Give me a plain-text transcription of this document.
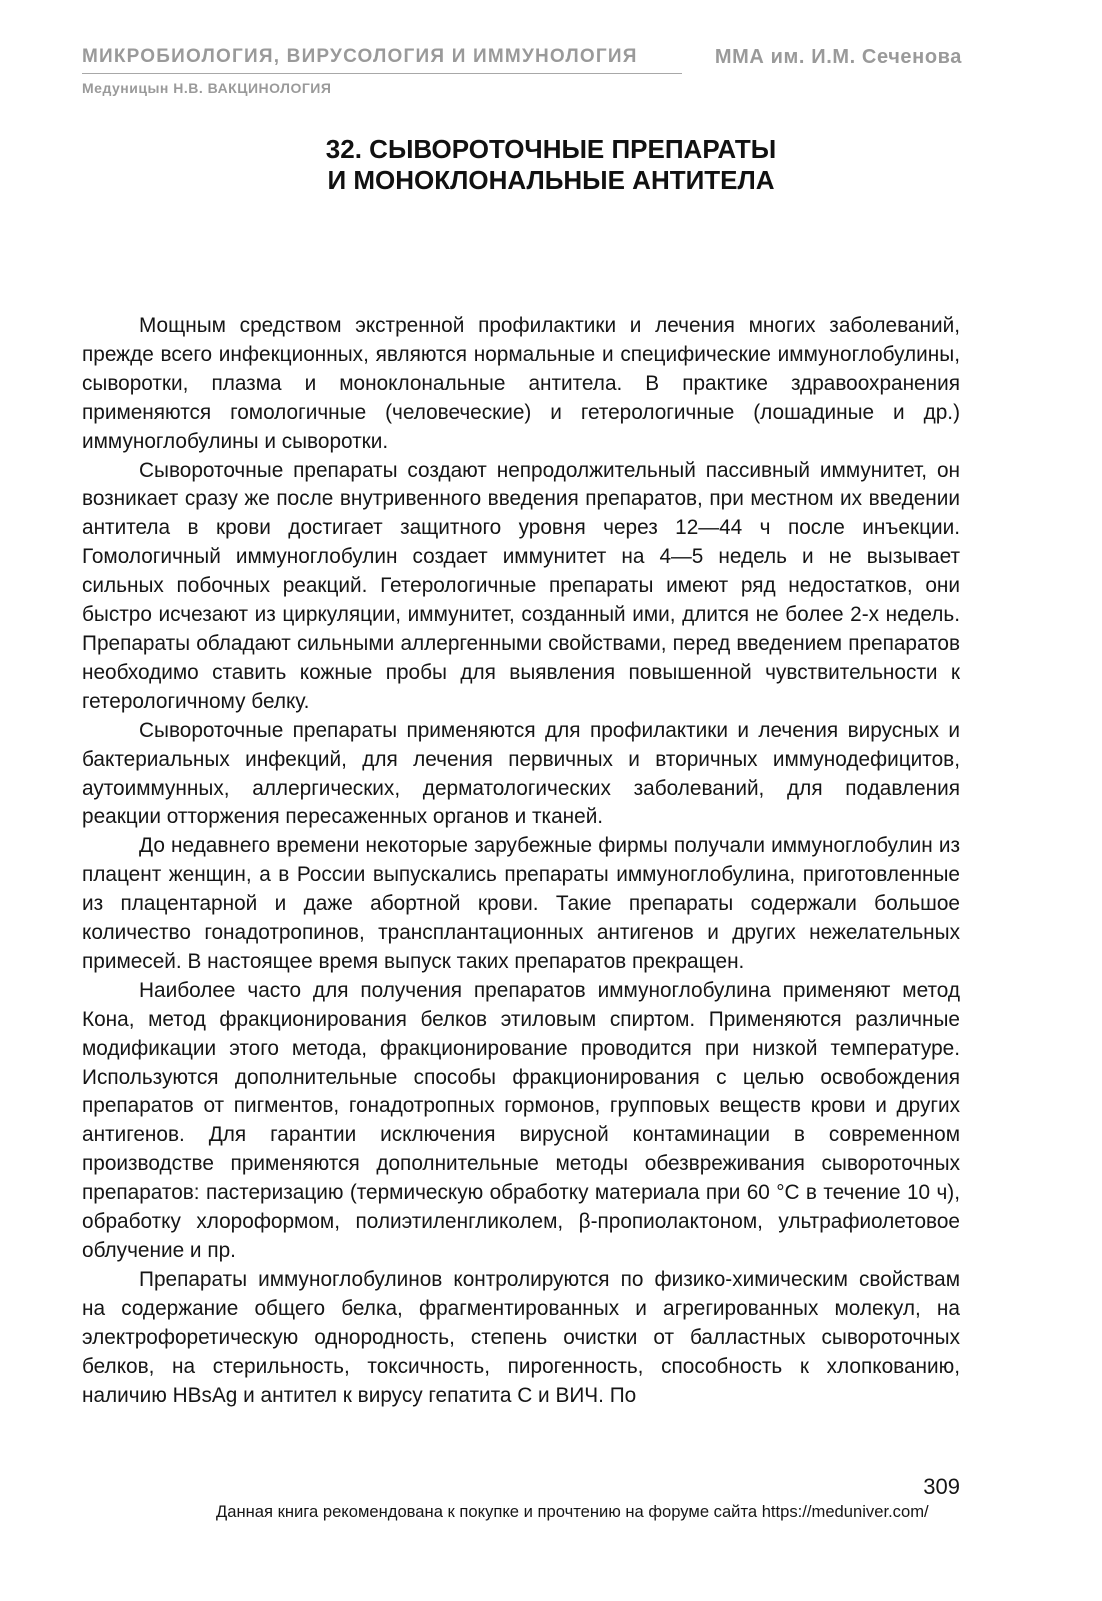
МИКРОБИОЛОГИЯ, ВИРУСОЛОГИЯ И ИММУНОЛОГИЯ	ММА им. И.М. Сеченова
Медуницын Н.В. ВАКЦИНОЛОГИЯ
32. СЫВОРОТОЧНЫЕ ПРЕПАРАТЫ
И МОНОКЛОНАЛЬНЫЕ АНТИТЕЛА

Мощным средством экстренной профилактики и лечения многих заболеваний, прежде всего инфекционных, являются нормальные и специфические иммуноглобулины, сыворотки, плазма и моноклональные антитела. В практике здравоохранения применяются гомологичные (человеческие) и гетерологичные (лошадиные и др.) иммуноглобулины и сыворотки.

Сывороточные препараты создают непродолжительный пассивный иммунитет, он возникает сразу же после внутривенного введения препаратов, при местном их введении антитела в крови достигает защитного уровня через 12—44 ч после инъекции. Гомологичный иммуноглобулин создает иммунитет на 4—5 недель и не вызывает сильных побочных реакций. Гетерологичные препараты имеют ряд недостатков, они быстро исчезают из циркуляции, иммунитет, созданный ими, длится не более 2-х недель. Препараты обладают сильными аллергенными свойствами, перед введением препаратов необходимо ставить кожные пробы для выявления повышенной чувствительности к гетерологичному белку.

Сывороточные препараты применяются для профилактики и лечения вирусных и бактериальных инфекций, для лечения первичных и вторичных иммунодефицитов, аутоиммунных, аллергических, дерматологических заболеваний, для подавления реакции отторжения пересаженных органов и тканей.

До недавнего времени некоторые зарубежные фирмы получали иммуноглобулин из плацент женщин, а в России выпускались препараты иммуноглобулина, приготовленные из плацентарной и даже абортной крови. Такие препараты содержали большое количество гонадотропинов, трансплантационных антигенов и других нежелательных примесей. В настоящее время выпуск таких препаратов прекращен.

Наиболее часто для получения препаратов иммуноглобулина применяют метод Кона, метод фракционирования белков этиловым спиртом. Применяются различные модификации этого метода, фракционирование проводится при низкой температуре. Используются дополнительные способы фракционирования с целью освобождения препаратов от пигментов, гонадотропных гормонов, групповых веществ крови и других антигенов. Для гарантии исключения вирусной контаминации в современном производстве применяются дополнительные методы обезвреживания сывороточных препаратов: пастеризацию (термическую обработку материала при 60 °С в течение 10 ч), обработку хлороформом, полиэтиленгликолем, β-пропиолактоном, ультрафиолетовое облучение и пр.

Препараты иммуноглобулинов контролируются по физико-химическим свойствам на содержание общего белка, фрагментированных и агрегированных молекул, на электрофоретическую однородность, степень очистки от балластных сывороточных белков, на стерильность, токсичность, пирогенность, способность к хлопкованию, наличию HBsAg и антител к вирусу гепатита С и ВИЧ. По

309
Данная книга рекомендована к покупке и прочтению на форуме сайта https://meduniver.com/
